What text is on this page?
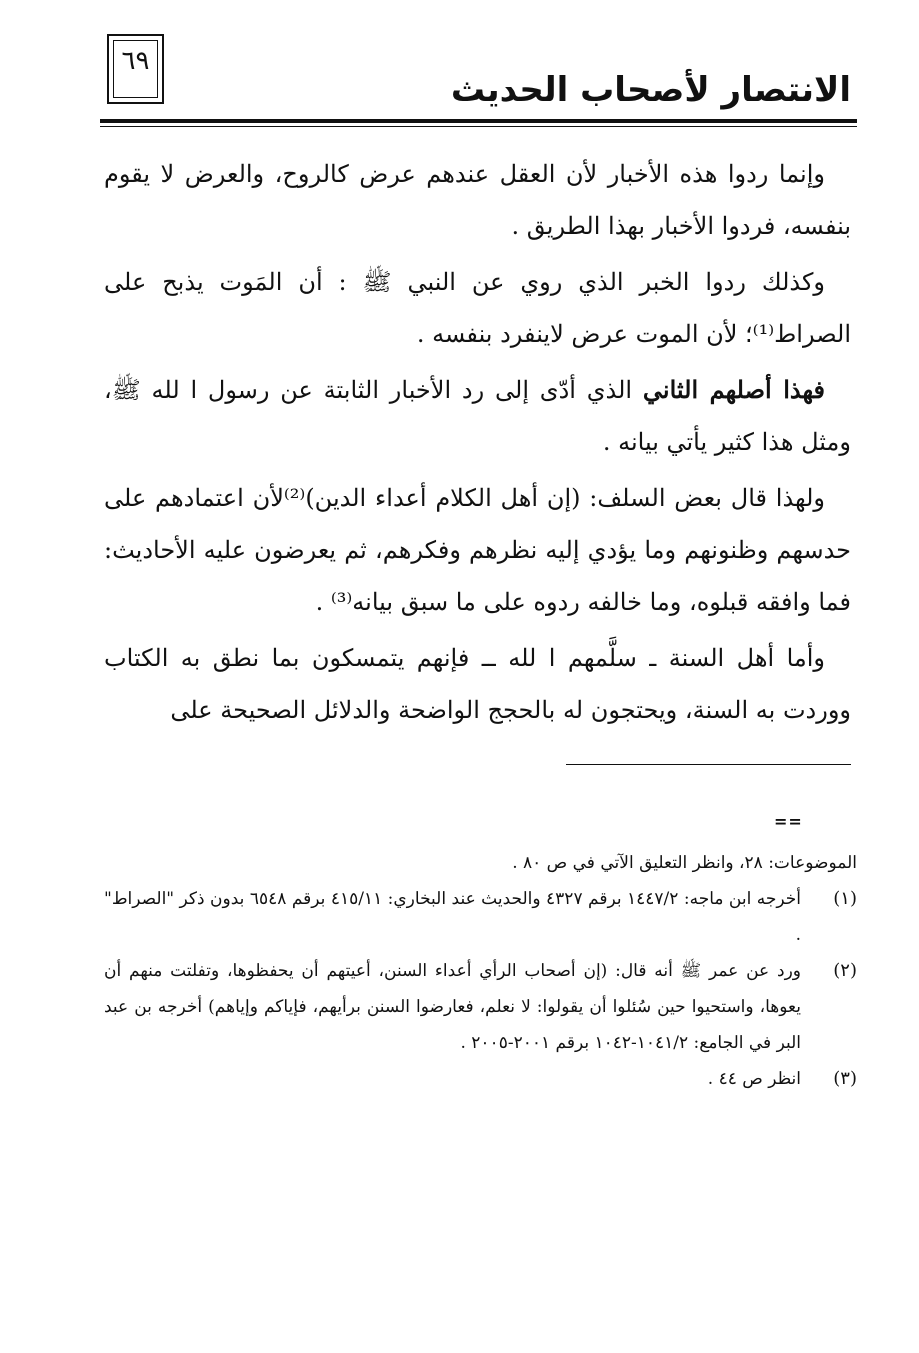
٦٩
الانتصار لأصحاب الحديث

وإنما ردوا هذه الأخبار لأن العقل عندهم عرض كالروح، والعرض لا يقوم بنفسه، فردوا الأخبار بهذا الطريق .

وكذلك ردوا الخبر الذي روي عن النبي ﷺ : أن المَوت يذبح على الصراط⁽¹⁾؛ لأن الموت عرض لاينفرد بنفسه .

فهذا أصلهم الثاني الذي أدّى إلى رد الأخبار الثابتة عن رسول ا لله ﷺ، ومثل هذا كثير يأتي بيانه .

ولهذا قال بعض السلف: (إن أهل الكلام أعداء الدين)⁽²⁾لأن اعتمادهم على حدسهم وظنونهم وما يؤدي إليه نظرهم وفكرهم، ثم يعرضون عليه الأحاديث: فما وافقه قبلوه، وما خالفه ردوه على ما سبق بيانه⁽³⁾ .

وأما أهل السنة ـ سلَّمهم ا لله ــ فإنهم يتمسكون بما نطق به الكتاب ووردت به السنة، ويحتجون له بالحجج الواضحة والدلائل الصحيحة على

==
الموضوعات: ٢٨، وانظر التعليق الآتي في ص ٨٠ .
(١)
أخرجه ابن ماجه: ١٤٤٧/٢ برقم ٤٣٢٧ والحديث عند البخاري: ٤١٥/١١ برقم ٦٥٤٨ بدون ذكر "الصراط" .
(٢)
ورد عن عمر ﷺ أنه قال: (إن أصحاب الرأي أعداء السنن، أعيتهم أن يحفظوها، وتفلتت منهم أن يعوها، واستحيوا حين سُئلوا أن يقولوا: لا نعلم، فعارضوا السنن برأيهم، فإياكم وإياهم) أخرجه بن عبد البر في الجامع: ١٠٤١/٢-١٠٤٢ برقم ٢٠٠١-٢٠٠٥ .
(٣)
انظر ص ٤٤ .
